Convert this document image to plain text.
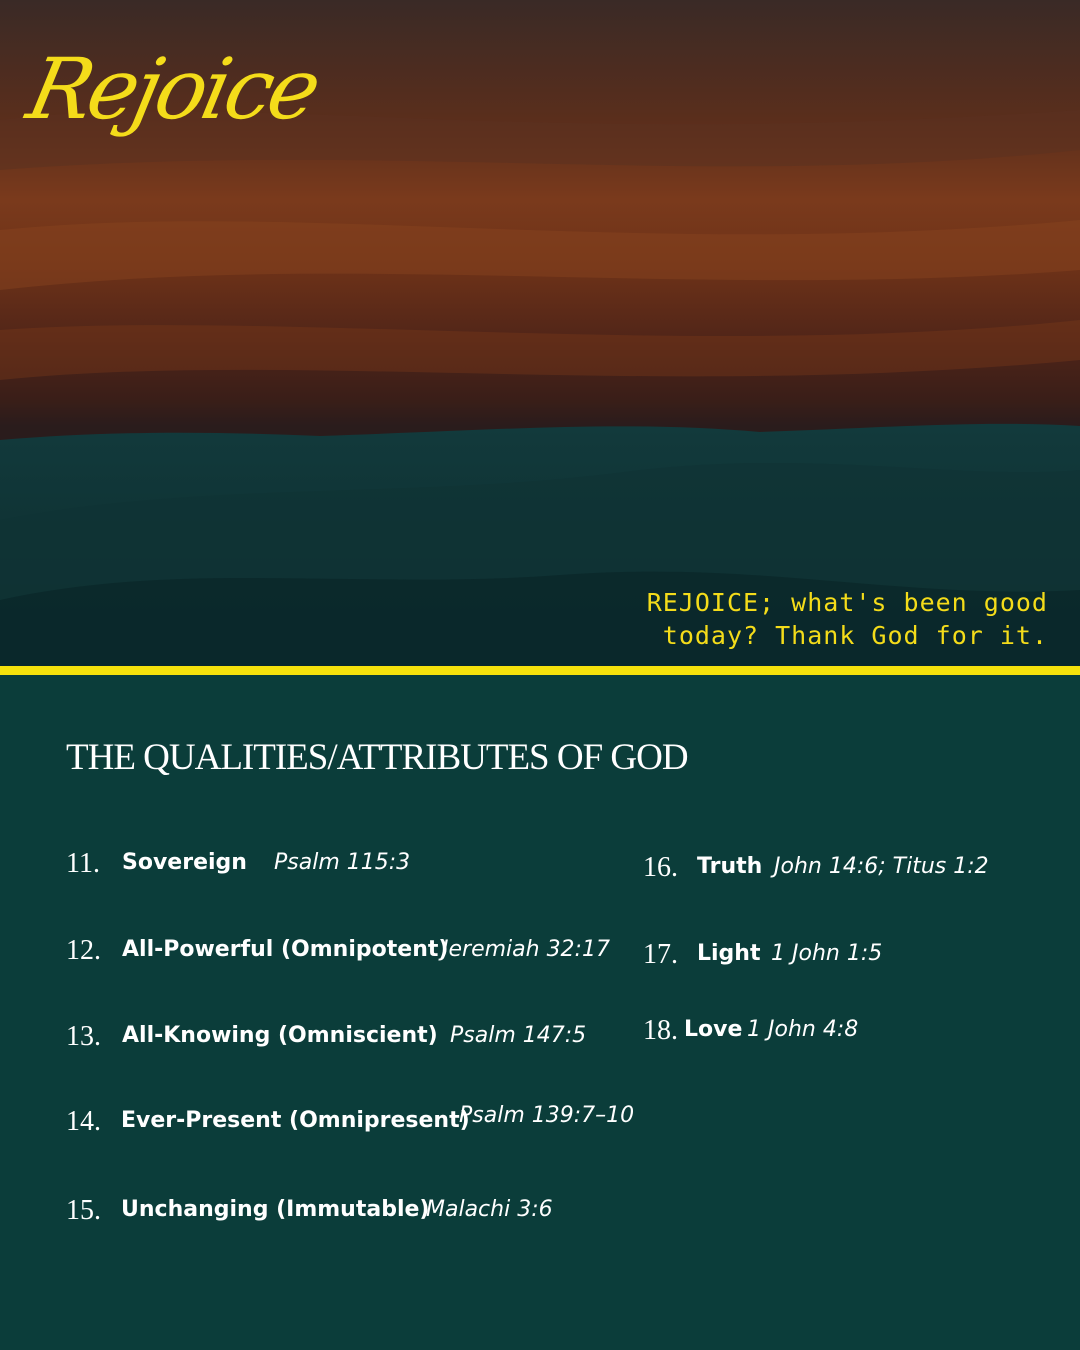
Rejoice
REJOICE; what's been good
today? Thank God for it.
THE QUALITIES/ATTRIBUTES OF GOD
11. Sovereign Psalm 115:3
12. All-Powerful (Omnipotent)
Jeremiah 32:17
13. All-Knowing (Omniscient) Psalm 147:5
14. Ever-Present (Omnipresent)
Psalm 139:7–10
15. Unchanging (Immutable)
Malachi 3:6
16. Truth John 14:6; Titus 1:2
17. Light 1 John 1:5
18. Love 1 John 4:8
